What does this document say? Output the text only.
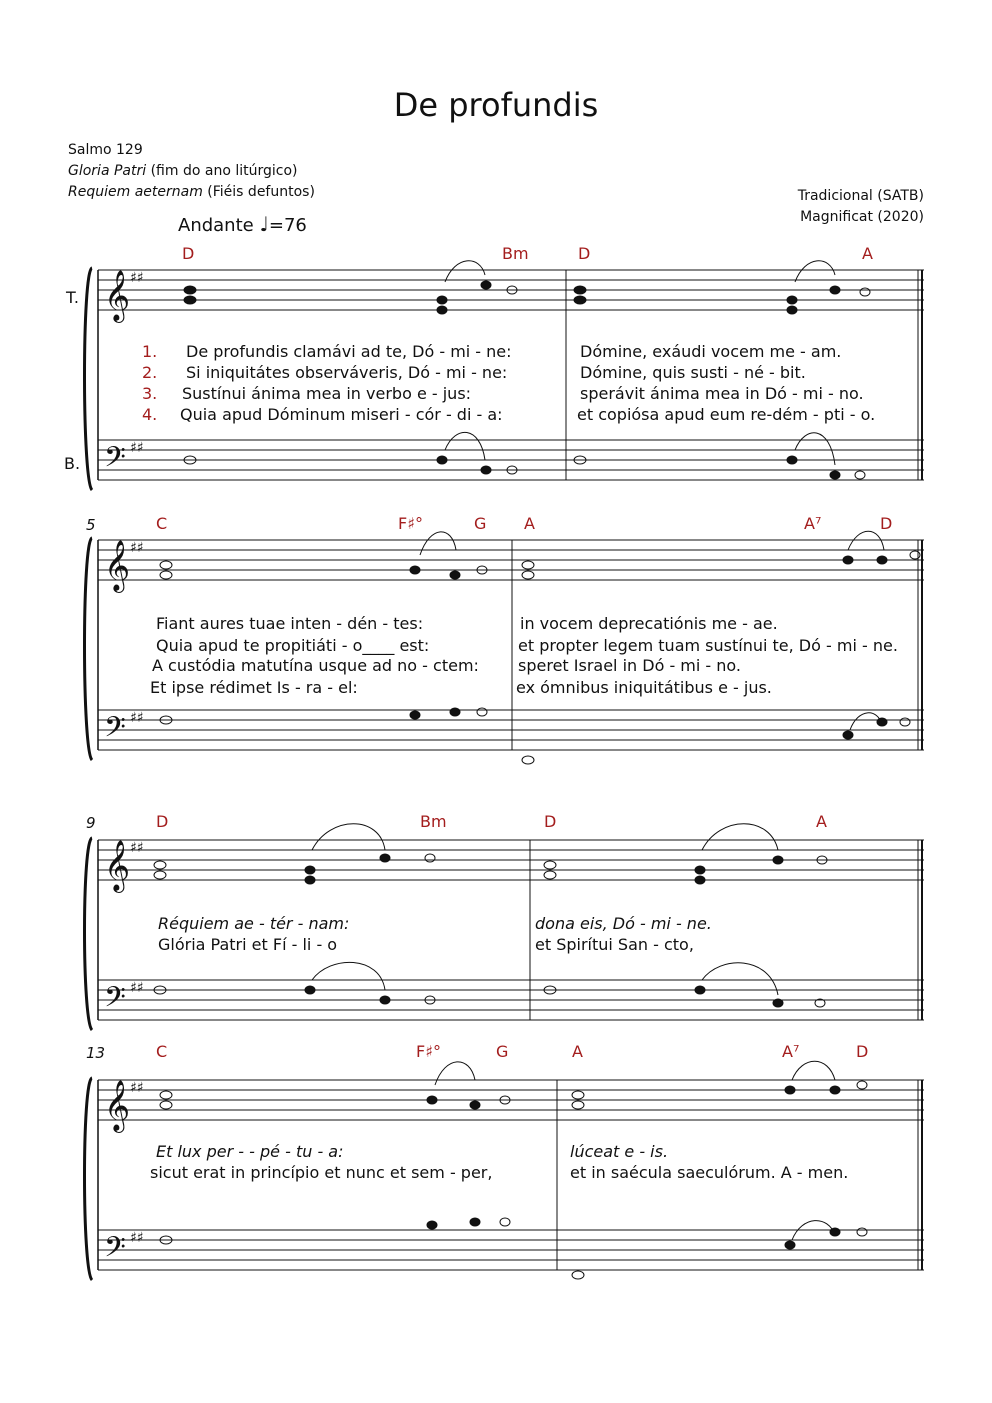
De profundis
Salmo 129
Gloria Patri (fim do ano litúrgico)
Requiem aeternam (Fiéis defuntos)	Tradicional (SATB)
Magnificat (2020)
Andante ♩=76
𝄞
𝄢
𝄞
𝄢
𝄞
𝄢
𝄞
𝄢
♯♯
♯♯
♯♯
♯♯
♯♯
♯♯
♯♯
♯♯
T.
B.
5
9
13
D	Bm	D	A
1.
2.
3.
4.
De profundis clamávi ad te, Dó - mi - ne:
Si iniquitátes observáveris, Dó - mi - ne:
Sustínui ánima mea in verbo e - jus:
Quia apud Dóminum miseri - cór - di - a:
Dómine, exáudi vocem me - am.
Dómine, quis susti - né - bit.
sperávit ánima mea in Dó - mi - no.
et copiósa apud eum re-dém - pti - o.
C	F♯°	G A	A⁷	D
Fiant aures tuae inten - dén - tes:
Quia apud te propitiáti - o____ est:
A custódia matutína usque ad no - ctem:
Et ipse rédimet Is - ra - el:
in vocem deprecatiónis me - ae.
et propter legem tuam sustínui te, Dó - mi - ne.
speret Israel in Dó - mi - no.
ex ómnibus iniquitátibus e - jus.
D	Bm	D	A
Réquiem ae - tér - nam:
Glória Patri et Fí - li - o
dona eis, Dó - mi - ne.
et Spirítui San - cto,
C	F♯°	G	A	A⁷	D
Et lux per - - pé - tu - a:
sicut erat in princípio et nunc et sem - per,
lúceat e - is.
et in saécula saeculórum. A - men.
